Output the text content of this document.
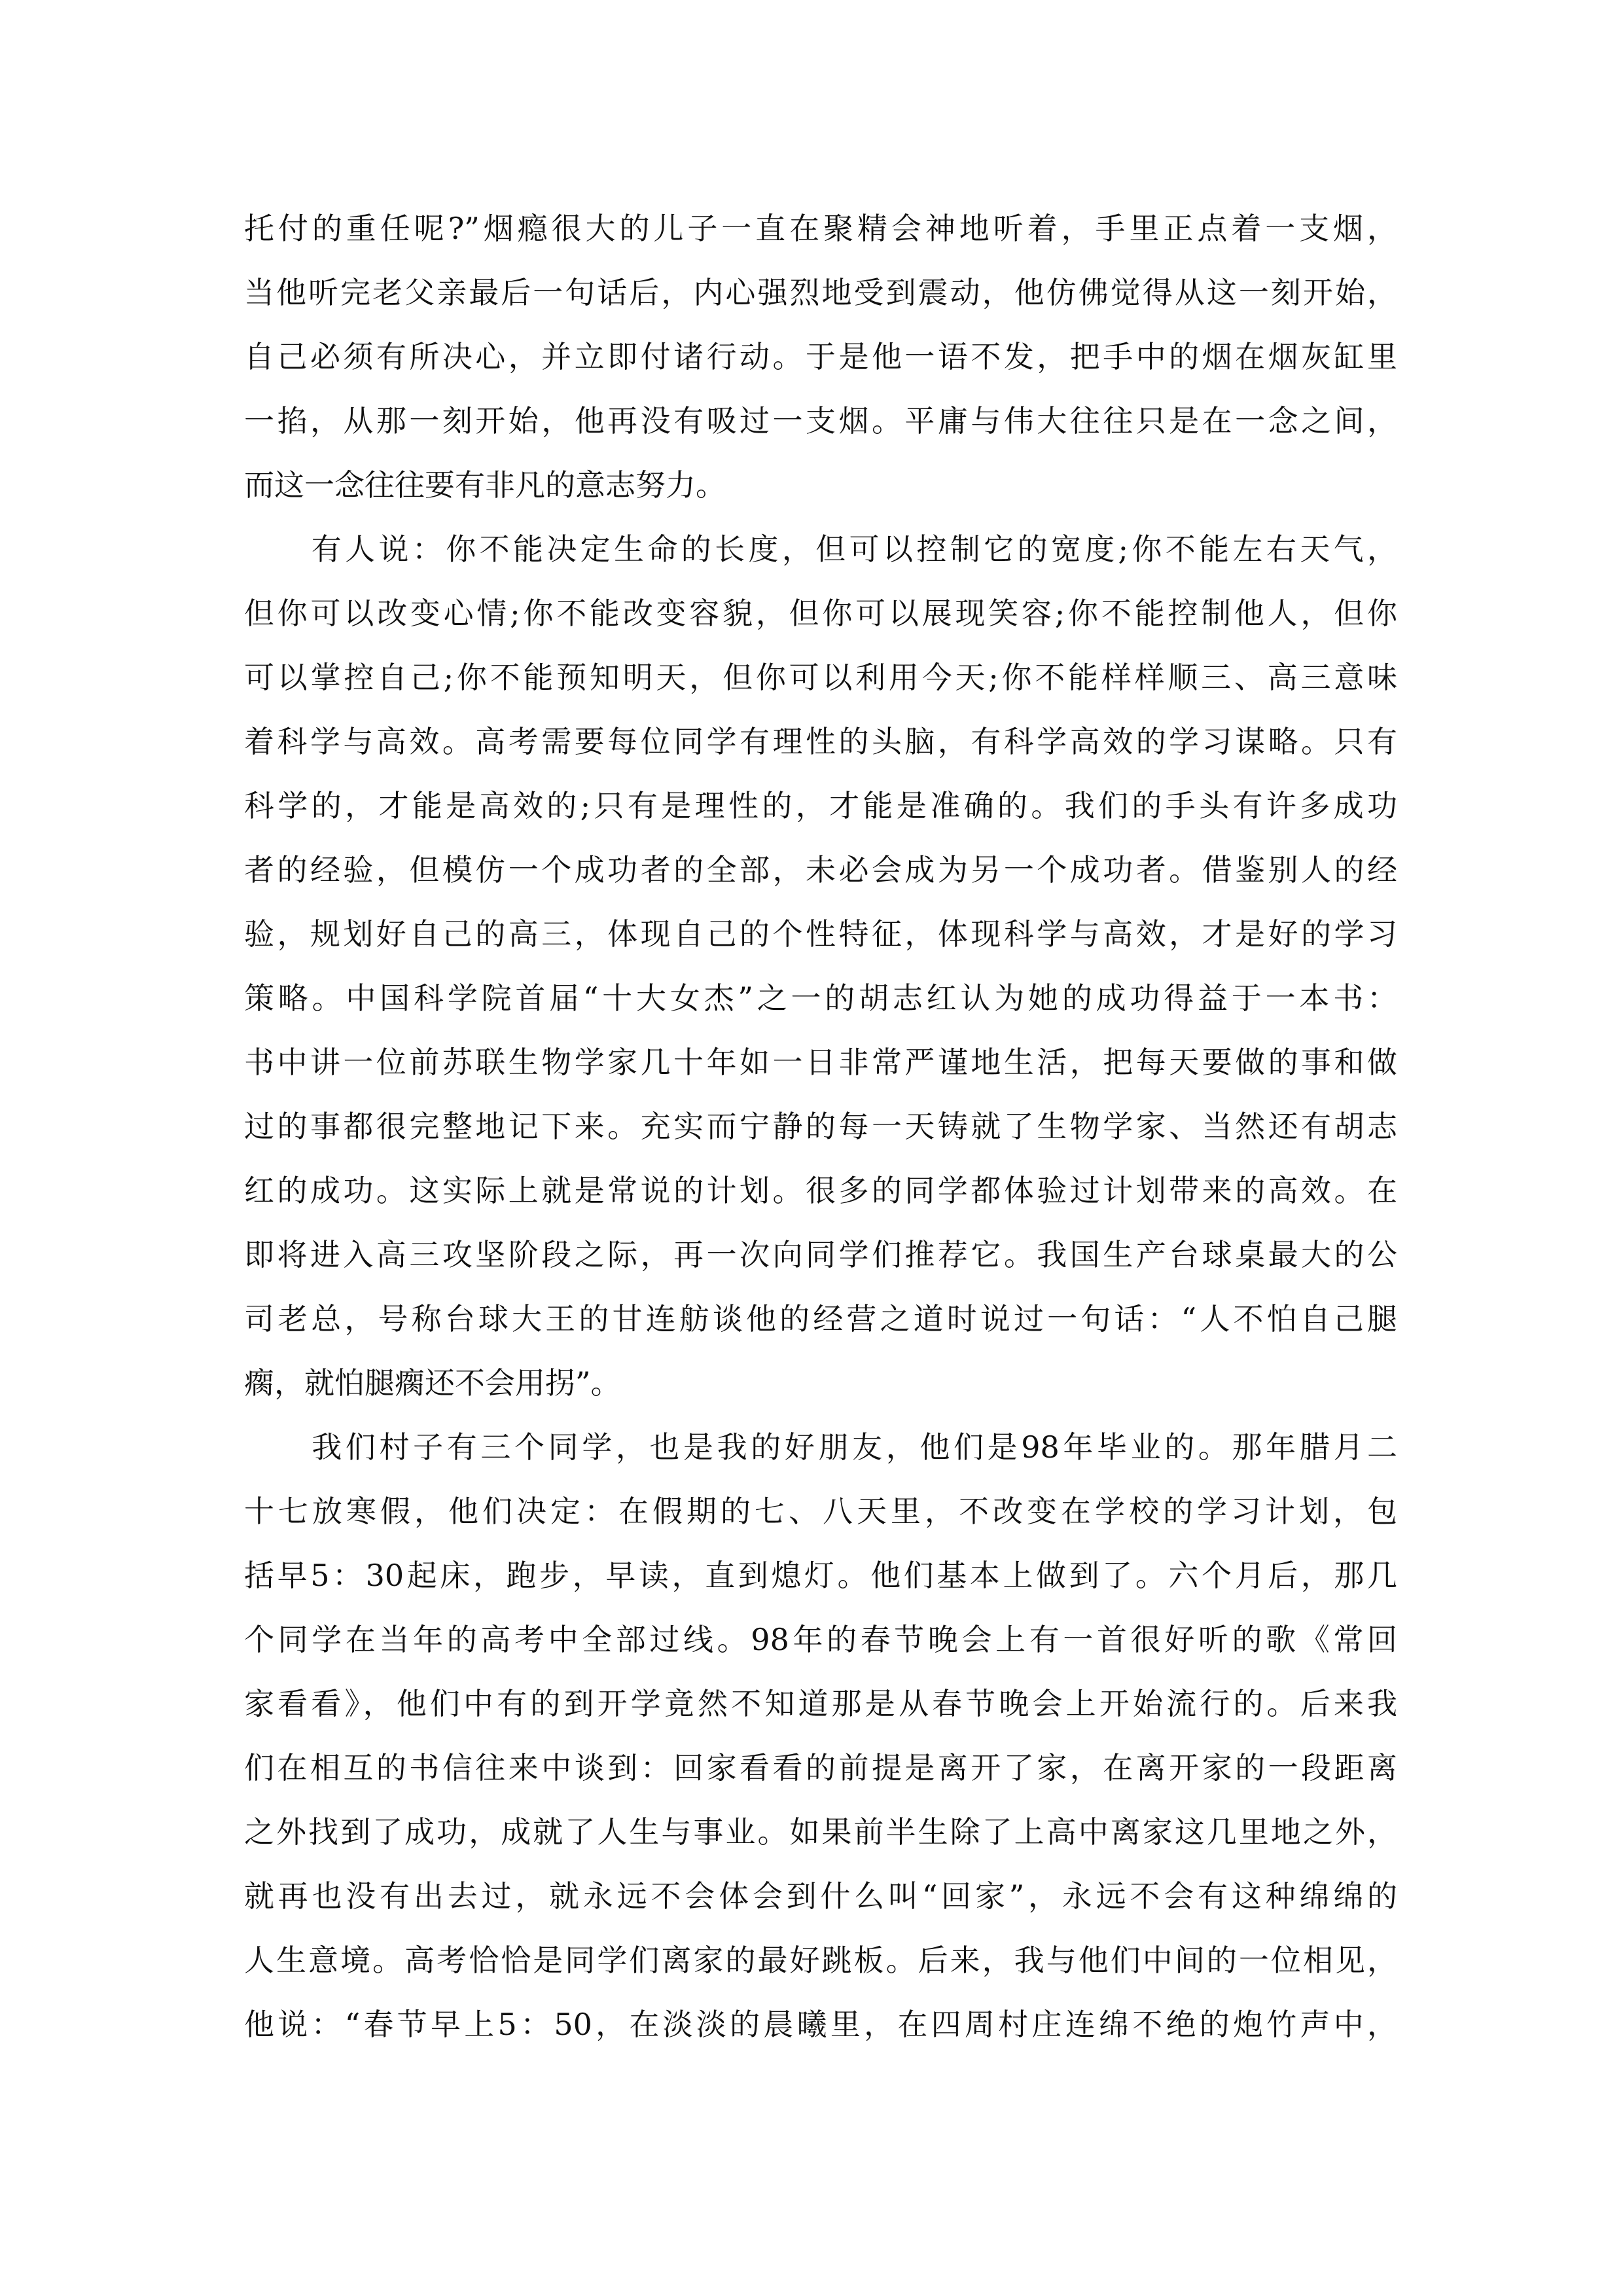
托付的重任呢?”烟瘾很大的儿子一直在聚精会神地听着，手里正点着一支烟，
当他听完老父亲最后一句话后，内心强烈地受到震动，他仿佛觉得从这一刻开始，
自己必须有所决心，并立即付诸行动。于是他一语不发，把手中的烟在烟灰缸里
一掐，从那一刻开始，他再没有吸过一支烟。平庸与伟大往往只是在一念之间，
而这一念往往要有非凡的意志努力。
　　有人说：你不能决定生命的长度，但可以控制它的宽度;你不能左右天气，
但你可以改变心情;你不能改变容貌，但你可以展现笑容;你不能控制他人，但你
可以掌控自己;你不能预知明天，但你可以利用今天;你不能样样顺三、高三意味
着科学与高效。高考需要每位同学有理性的头脑，有科学高效的学习谋略。只有
科学的，才能是高效的;只有是理性的，才能是准确的。我们的手头有许多成功
者的经验，但模仿一个成功者的全部，未必会成为另一个成功者。借鉴别人的经
验，规划好自己的高三，体现自己的个性特征，体现科学与高效，才是好的学习
策略。中国科学院首届“十大女杰”之一的胡志红认为她的成功得益于一本书：
书中讲一位前苏联生物学家几十年如一日非常严谨地生活，把每天要做的事和做
过的事都很完整地记下来。充实而宁静的每一天铸就了生物学家、当然还有胡志
红的成功。这实际上就是常说的计划。很多的同学都体验过计划带来的高效。在
即将进入高三攻坚阶段之际，再一次向同学们推荐它。我国生产台球桌最大的公
司老总，号称台球大王的甘连舫谈他的经营之道时说过一句话：“人不怕自己腿
瘸，就怕腿瘸还不会用拐”。
　　我们村子有三个同学，也是我的好朋友，他们是98年毕业的。那年腊月二
十七放寒假，他们决定：在假期的七、八天里，不改变在学校的学习计划，包
括早5：30起床，跑步，早读，直到熄灯。他们基本上做到了。六个月后，那几
个同学在当年的高考中全部过线。98年的春节晚会上有一首很好听的歌《常回
家看看》，他们中有的到开学竟然不知道那是从春节晚会上开始流行的。后来我
们在相互的书信往来中谈到：回家看看的前提是离开了家，在离开家的一段距离
之外找到了成功，成就了人生与事业。如果前半生除了上高中离家这几里地之外，
就再也没有出去过，就永远不会体会到什么叫“回家”，永远不会有这种绵绵的
人生意境。高考恰恰是同学们离家的最好跳板。后来，我与他们中间的一位相见，
他说：“春节早上5：50，在淡淡的晨曦里，在四周村庄连绵不绝的炮竹声中，
